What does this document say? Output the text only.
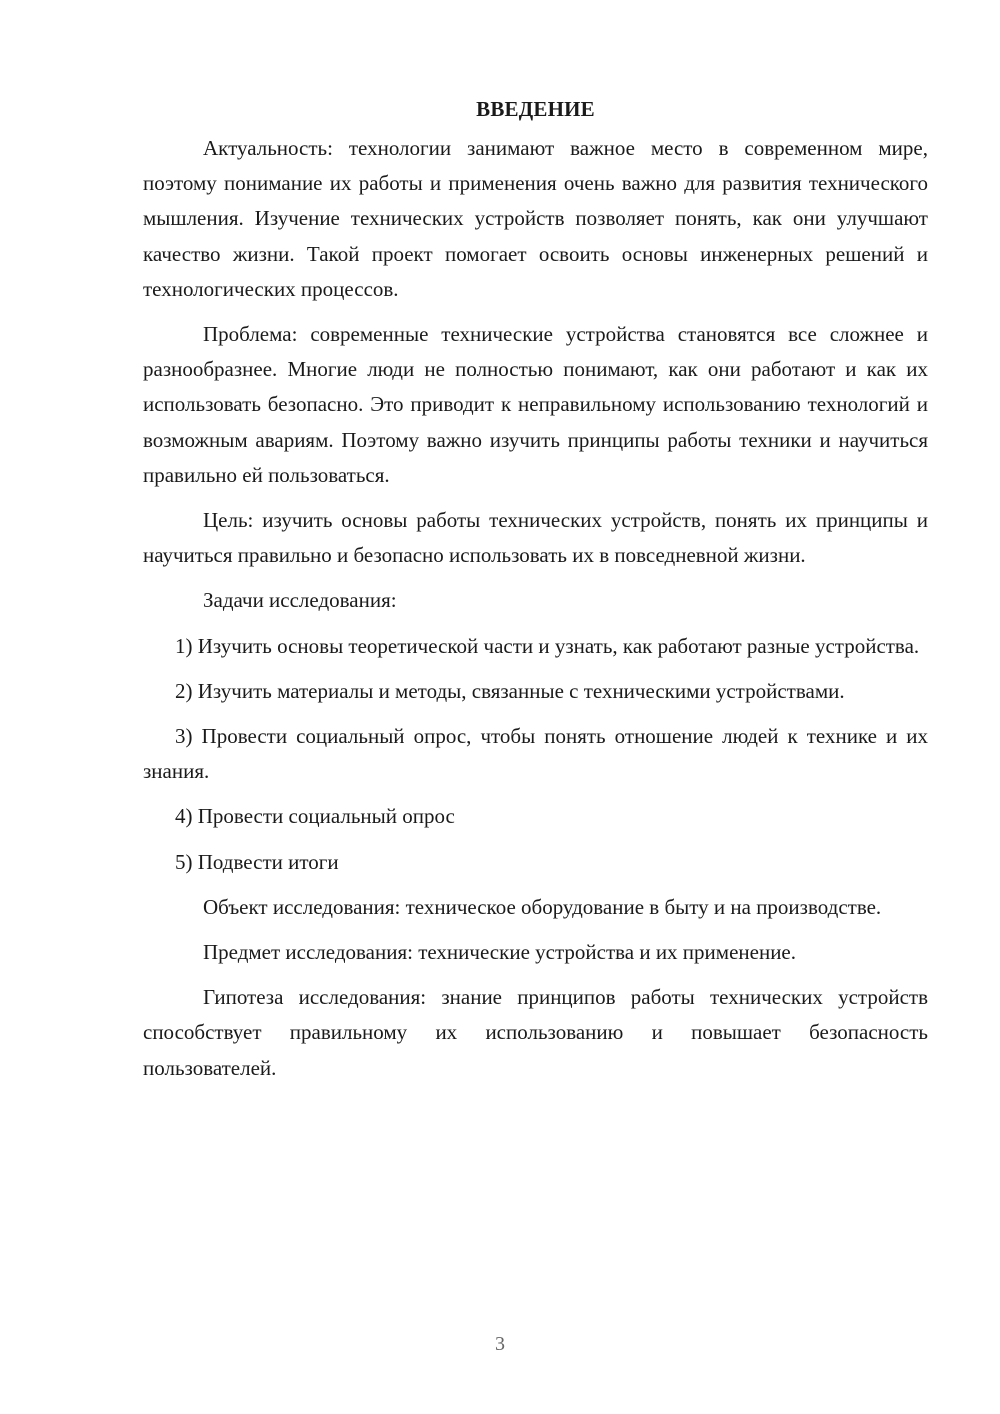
ВВЕДЕНИЕ

Актуальность: технологии занимают важное место в современном мире, поэтому понимание их работы и применения очень важно для развития технического мышления. Изучение технических устройств позволяет понять, как они улучшают качество жизни. Такой проект помогает освоить основы инженерных решений и технологических процессов.

Проблема: современные технические устройства становятся все сложнее и разнообразнее. Многие люди не полностью понимают, как они работают и как их использовать безопасно. Это приводит к неправильному использованию технологий и возможным авариям. Поэтому важно изучить принципы работы техники и научиться правильно ей пользоваться.

Цель: изучить основы работы технических устройств, понять их принципы и научиться правильно и безопасно использовать их в повседневной жизни.

Задачи исследования:

1) Изучить основы теоретической части и узнать, как работают разные устройства.

2) Изучить материалы и методы, связанные с техническими устройствами.

3) Провести социальный опрос, чтобы понять отношение людей к технике и их знания.

4) Провести социальный опрос

5) Подвести итоги

Объект исследования: техническое оборудование в быту и на производстве.

Предмет исследования: технические устройства и их применение.

Гипотеза исследования: знание принципов работы технических устройств способствует правильному их использованию и повышает безопасность пользователей.

3
